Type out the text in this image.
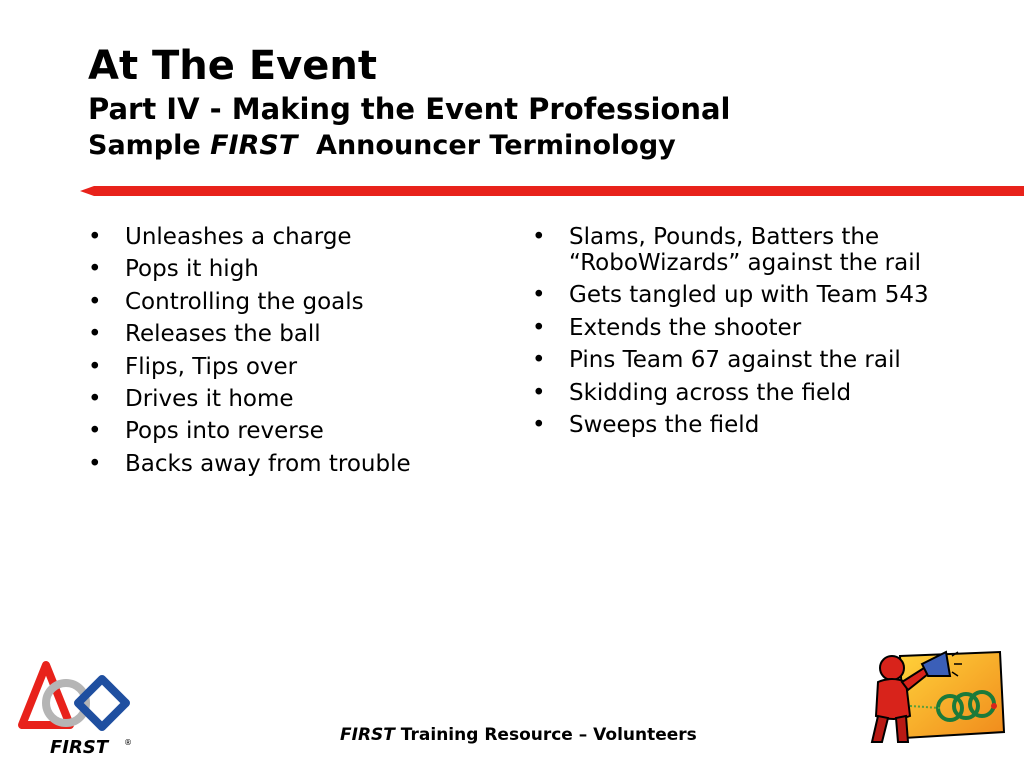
At The Event
Part IV - Making the Event Professional
Sample FIRST  Announcer Terminology
• Unleashes a charge
• Pops it high
• Controlling the goals
• Releases the ball
• Flips, Tips over
• Drives it home
• Pops into reverse
• Backs away from trouble
• Slams, Pounds, Batters the “RoboWizards” against the rail
• Gets tangled up with Team 543
• Extends the shooter
• Pins Team 67 against the rail
• Skidding across the field
• Sweeps the field
FIRST ®	FIRST Training Resource – Volunteers
